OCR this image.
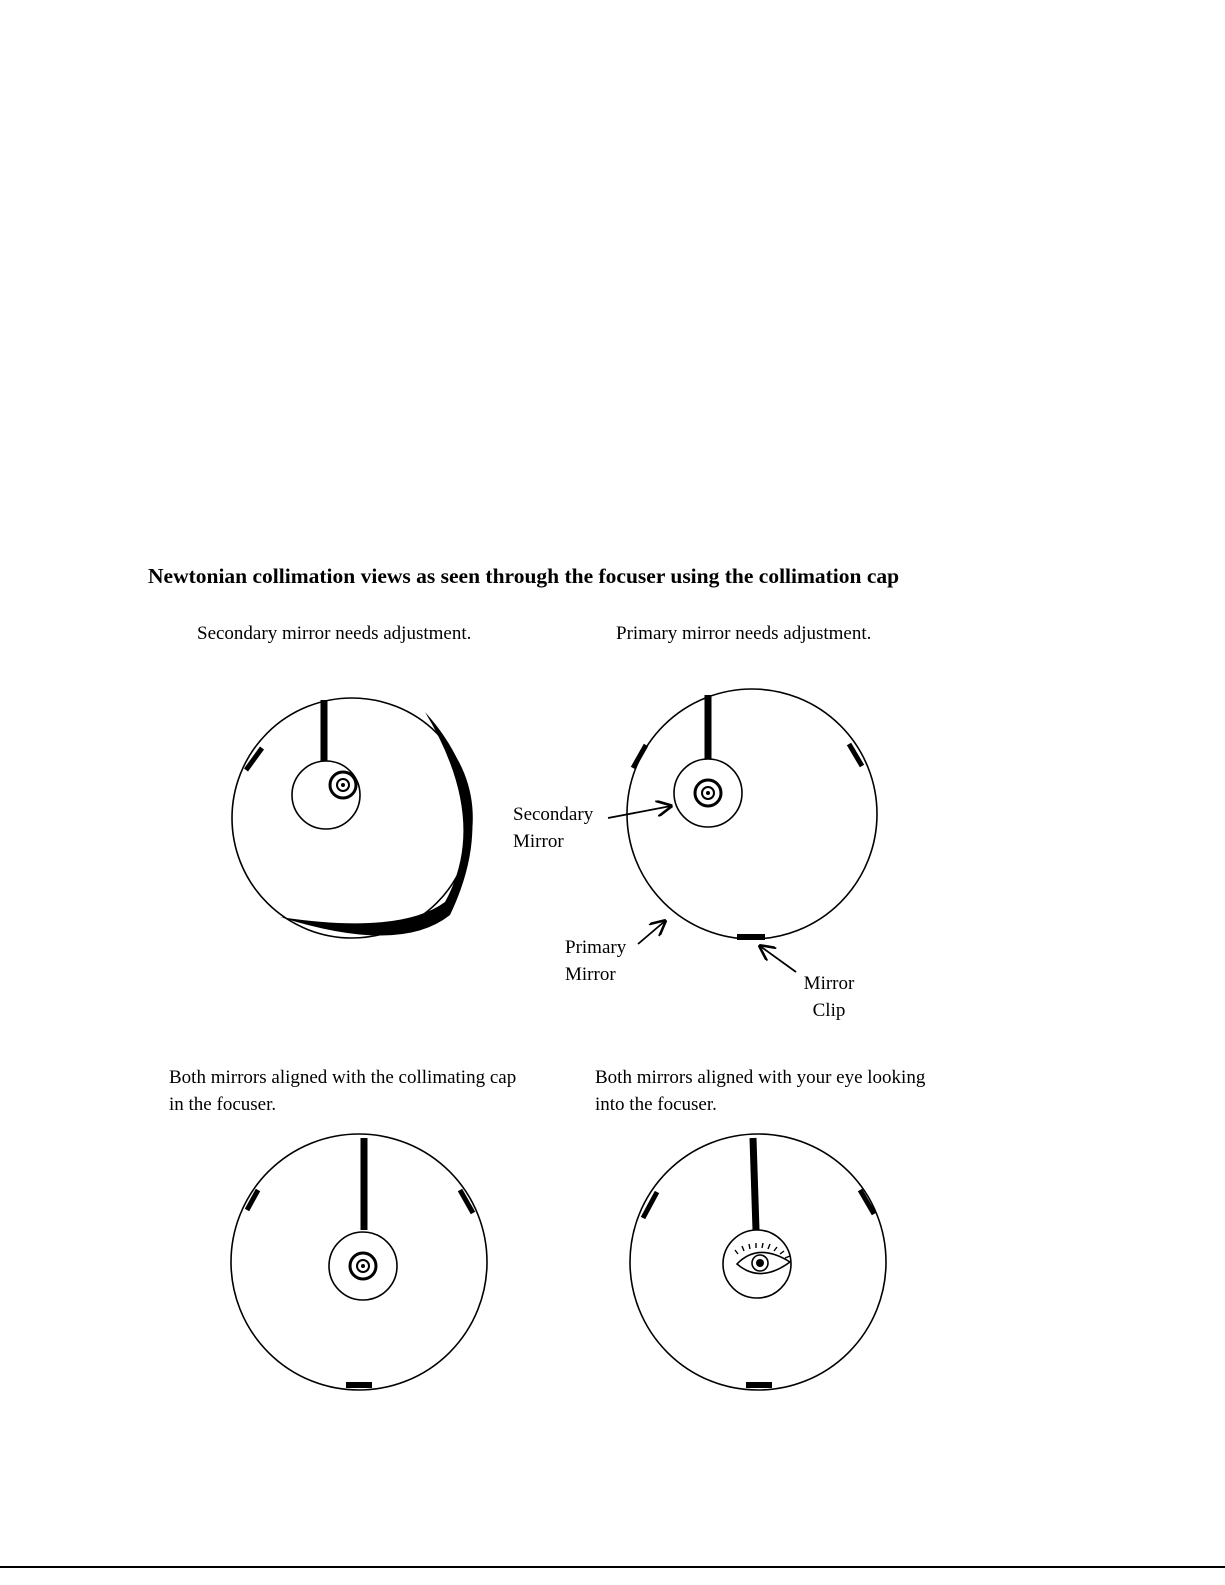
Newtonian collimation views as seen through the focuser using the collimation cap
Secondary mirror needs adjustment.	Primary mirror needs adjustment.
Both mirrors aligned with the collimating cap
in the focuser.
Both mirrors aligned with your eye looking
into the focuser.
Secondary
Mirror
Primary
Mirror	Mirror
Clip
